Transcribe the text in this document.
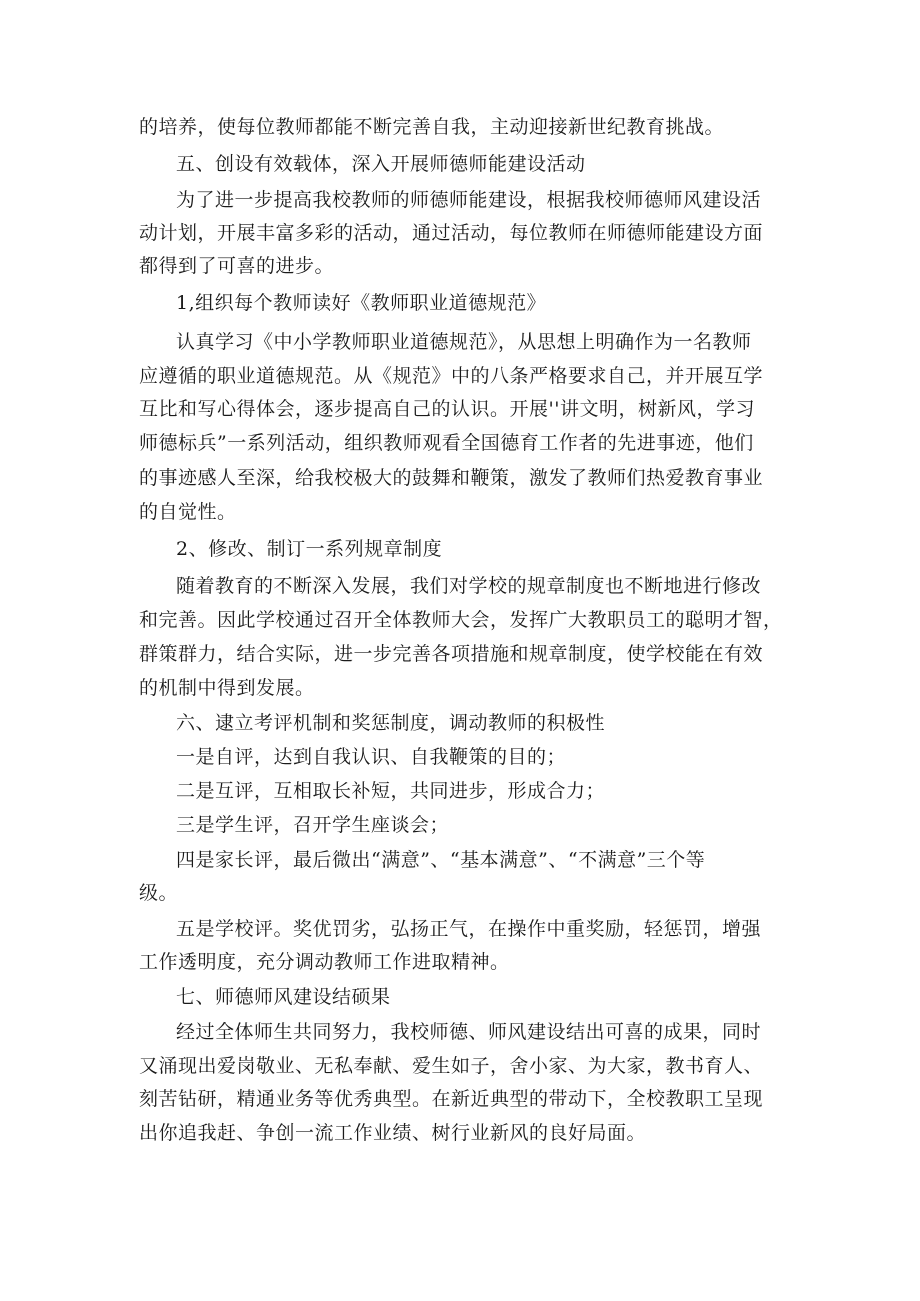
的培养，使每位教师都能不断完善自我，主动迎接新世纪教育挑战。
五、创设有效载体，深入开展师德师能建设活动
为了进一步提高我校教师的师德师能建设，根据我校师德师风建设活
动计划，开展丰富多彩的活动，通过活动，每位教师在师德师能建设方面
都得到了可喜的进步。
1,组织每个教师读好《教师职业道德规范》
认真学习《中小学教师职业道德规范》，从思想上明确作为一名教师
应遵循的职业道德规范。从《规范》中的八条严格要求自己，并开展互学
互比和写心得体会，逐步提高自己的认识。开展''讲文明，树新风，学习
师德标兵”一系列活动，组织教师观看全国德育工作者的先进事迹，他们
的事迹感人至深，给我校极大的鼓舞和鞭策，激发了教师们热爱教育事业
的自觉性。
2、修改、制订一系列规章制度
随着教育的不断深入发展，我们对学校的规章制度也不断地进行修改
和完善。因此学校通过召开全体教师大会，发挥广大教职员工的聪明才智，
群策群力，结合实际，进一步完善各项措施和规章制度，使学校能在有效
的机制中得到发展。
六、逮立考评机制和奖惩制度，调动教师的积极性
一是自评，达到自我认识、自我鞭策的目的；
二是互评，互相取长补短，共同进步，形成合力；
三是学生评，召开学生座谈会；
四是家长评，最后微出“满意”、“基本满意”、“不满意”三个等
级。
五是学校评。奖优罚劣，弘扬正气，在操作中重奖励，轻惩罚，增强
工作透明度，充分调动教师工作进取精神。
七、师德师风建设结硕果
经过全体师生共同努力，我校师德、师风建设结出可喜的成果，同时
又涌现出爱岗敬业、无私奉献、爱生如子，舍小家、为大家，教书育人、
刻苦钻研，精通业务等优秀典型。在新近典型的带动下，全校教职工呈现
出你追我赶、争创一流工作业绩、树行业新风的良好局面。
